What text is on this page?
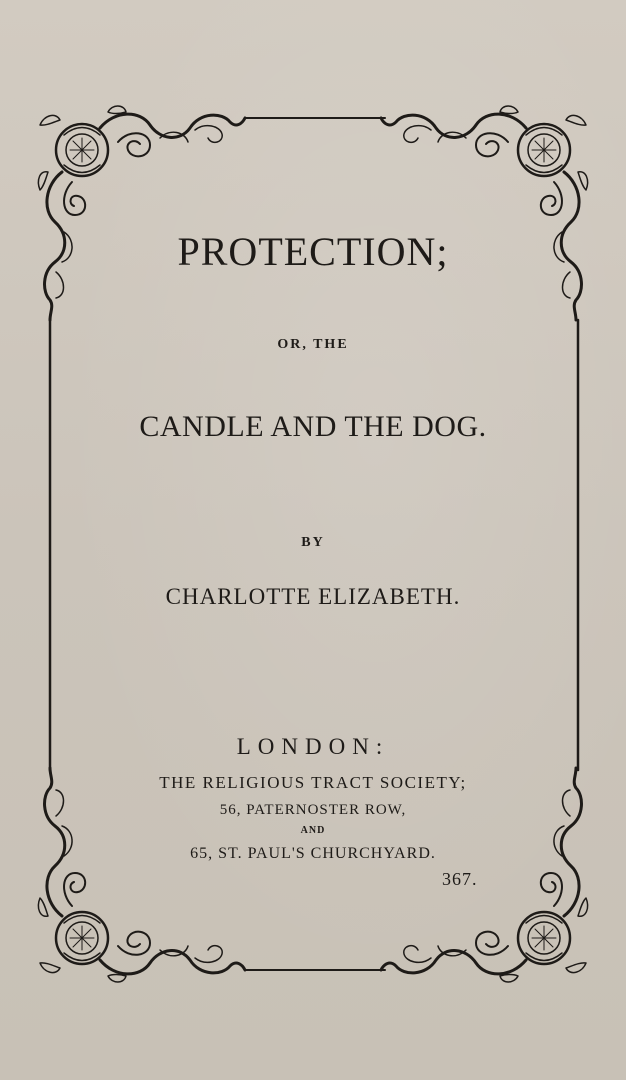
PROTECTION;
OR, THE
CANDLE AND THE DOG.
BY
CHARLOTTE ELIZABETH.
LONDON:
THE RELIGIOUS TRACT SOCIETY;
56, PATERNOSTER ROW,
AND
65, ST. PAUL'S CHURCHYARD.
367.
